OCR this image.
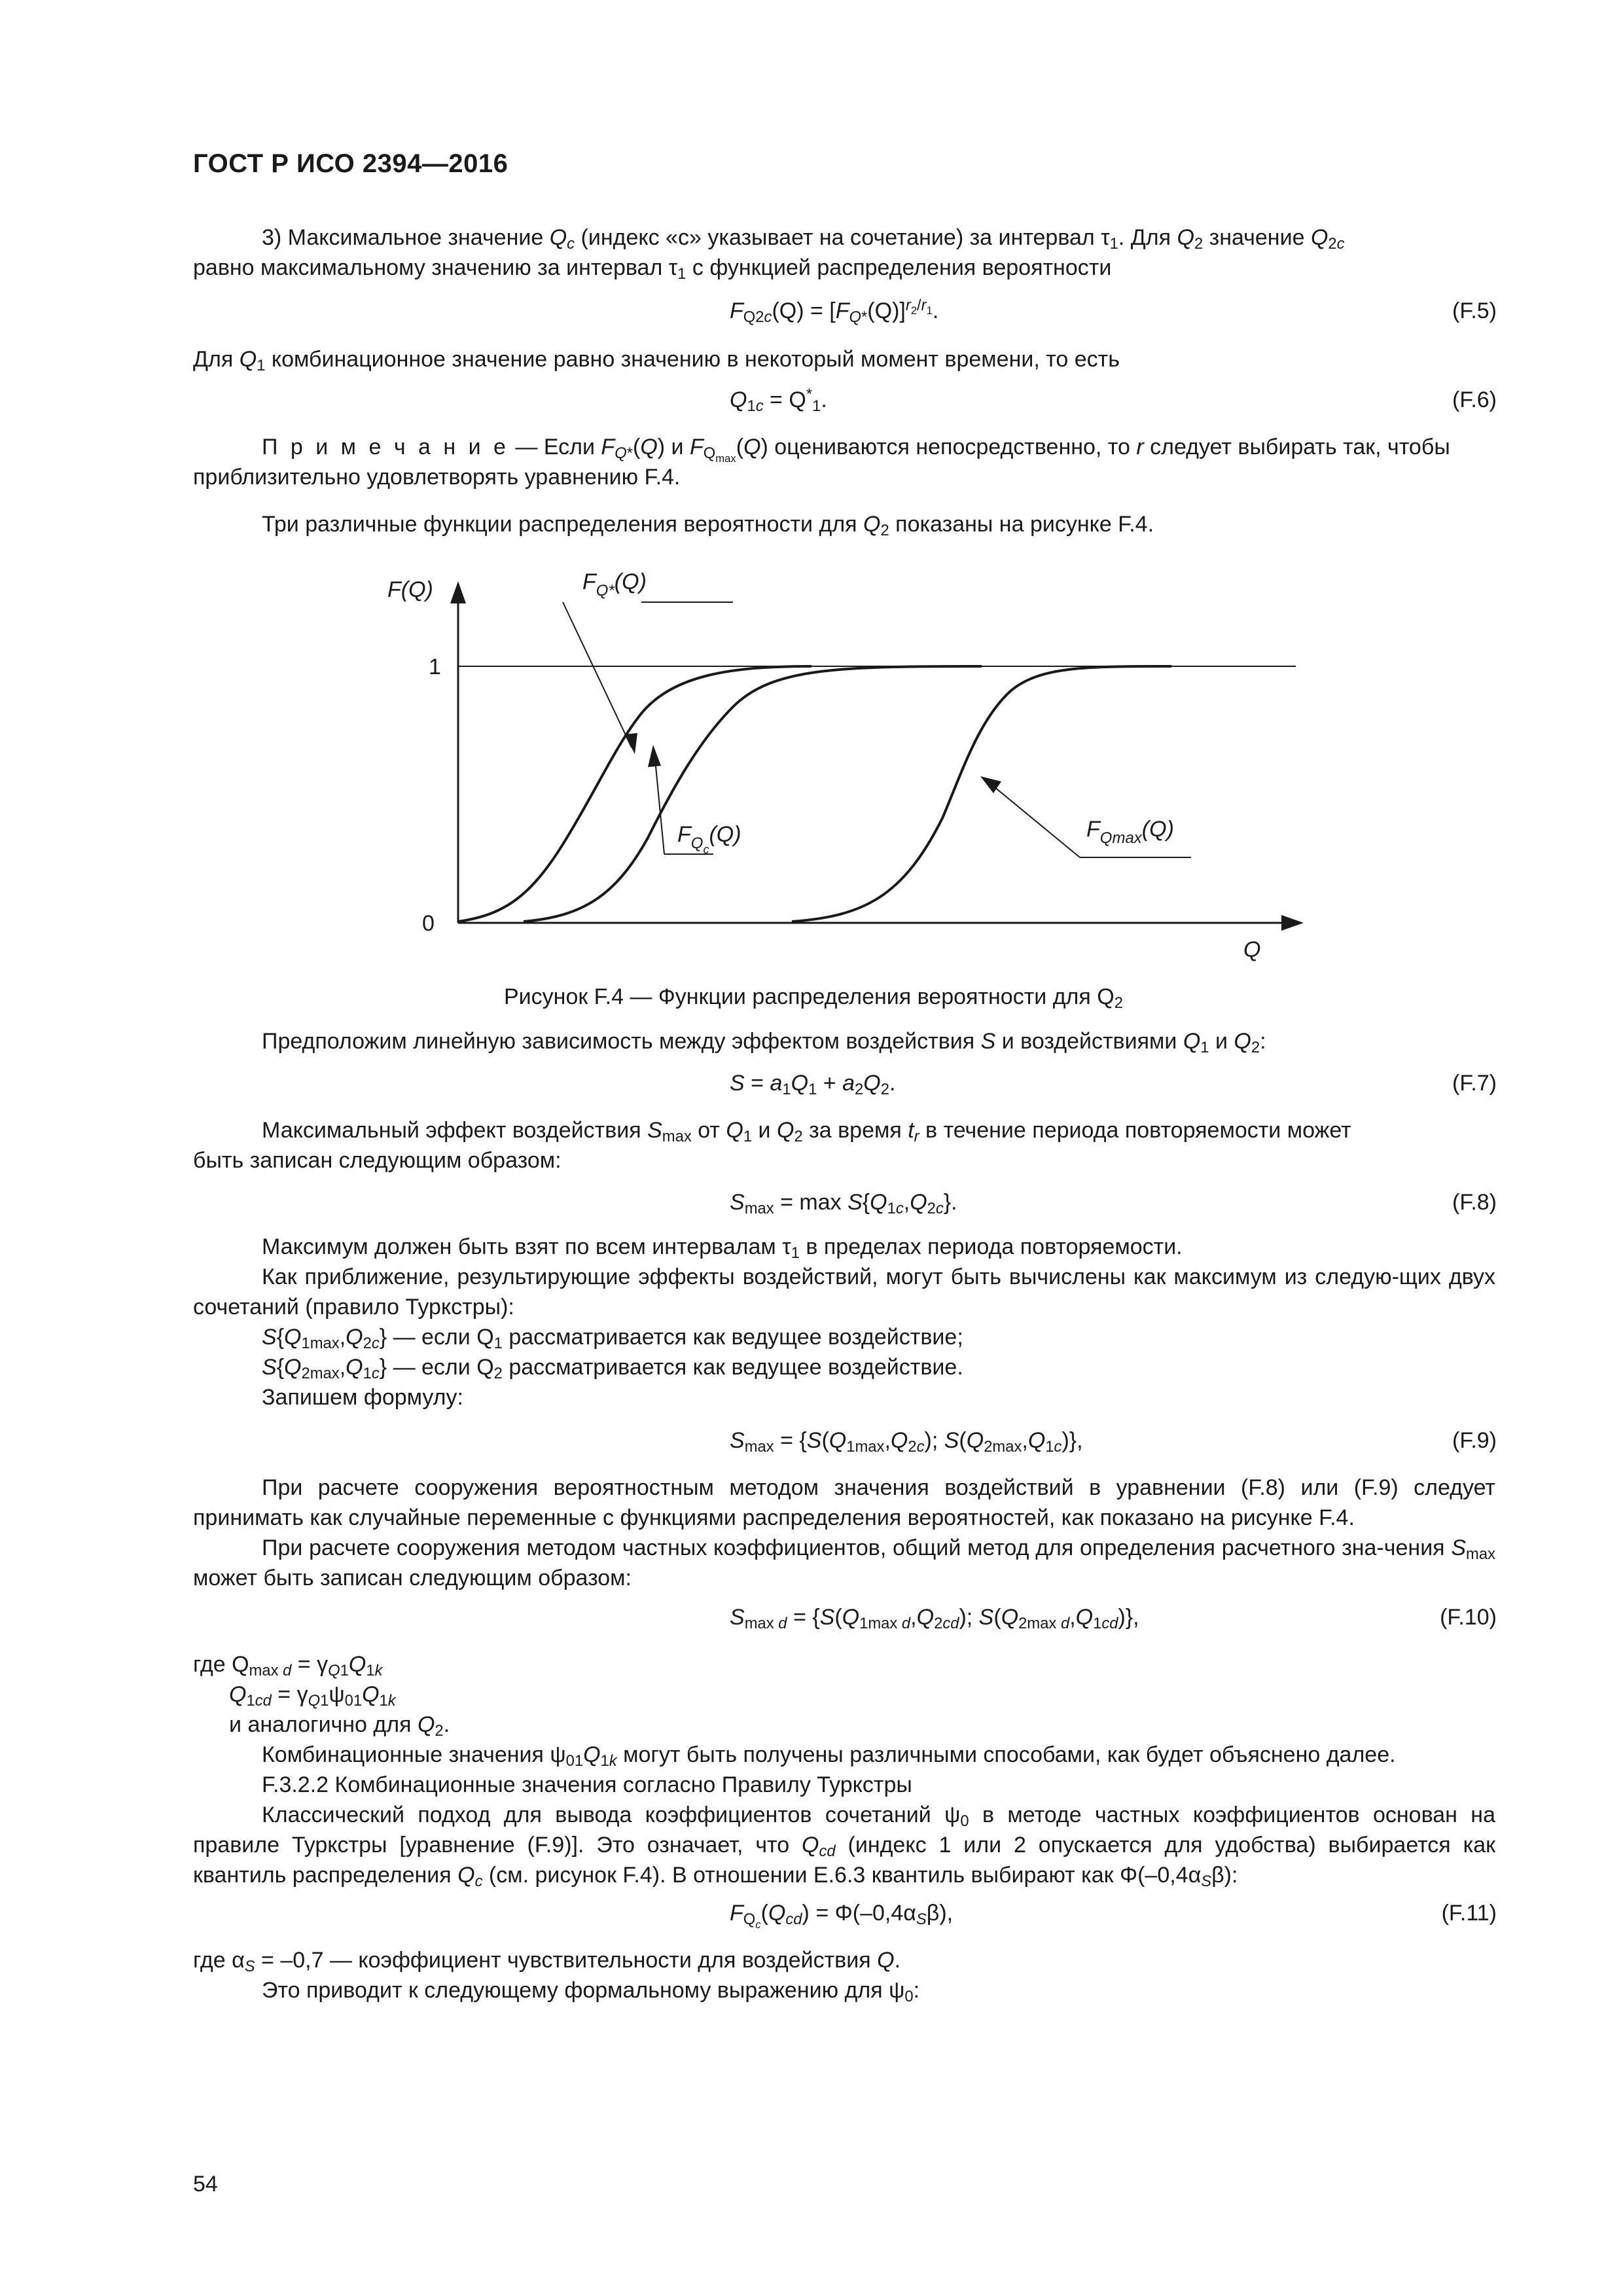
ГОСТ Р ИСО 2394—2016
3) Максимальное значение $Q_c$ (индекс «с» указывает на сочетание) за интервал $\tau_1$. Для $Q_2$ значение $Q_{2c}$
равно максимальному значению за интервал $\tau_1$ с функцией распределения вероятности
$F_{Q2c}(Q) = [F_{Q*}(Q)]^{r_2/r_1}$.	(F.5)
Для $Q_1$ комбинационное значение равно значению в некоторый момент времени, то есть
$Q_{1c} = Q^*_1$.	(F.6)
П р и м е ч а н и е — Если $F_{Q*}(Q)$ и $F_{Q_{max}}(Q)$ оцениваются непосредственно, то r следует выбирать так, чтобы
приблизительно удовлетворять уравнению F.4.
Три различные функции распределения вероятности для $Q_2$ показаны на рисунке F.4.
1
0
F(Q)
Q
$F_{Q*}(Q)$
$F_{Qc}(Q)$	$F_{Qmax}(Q)$
Рисунок F.4 — Функции распределения вероятности для $Q_2$
Предположим линейную зависимость между эффектом воздействия S и воздействиями $Q_1$ и $Q_2$:
$S = a_1Q_1 + a_2Q_2$.	(F.7)
Максимальный эффект воздействия $S_{max}$ от $Q_1$ и $Q_2$ за время $t_r$ в течение периода повторяемости может
быть записан следующим образом:
$S_{max} = \max S\{Q_{1c},Q_{2c}\}$.	(F.8)
Максимум должен быть взят по всем интервалам $\tau_1$ в пределах периода повторяемости.
Как приближение, результирующие эффекты воздействий, могут быть вычислены как максимум из следую-щих двух сочетаний (правило Туркстры):
$S\{Q_{1max},Q_{2c}\}$ — если $Q_1$ рассматривается как ведущее воздействие;
$S\{Q_{2max},Q_{1c}\}$ — если $Q_2$ рассматривается как ведущее воздействие.
Запишем формулу:
$S_{max} = \{S(Q_{1max},Q_{2c})$; $S(Q_{2max},Q_{1c})$},	(F.9)
При расчете сооружения вероятностным методом значения воздействий в уравнении (F.8) или (F.9) следует принимать как случайные переменные с функциями распределения вероятностей, как показано на рисунке F.4.
При расчете сооружения методом частных коэффициентов, общий метод для определения расчетного зна-чения $S_{max}$ может быть записан следующим образом:
$S_{max d} = \{S(Q_{1max d},Q_{2cd})$; $S(Q_{2max d},Q_{1cd})$},	(F.10)
где $Q_{max d} = \gamma_{Q1}Q_{1k}$
$Q_{1cd} = \gamma_{Q1}\psi_{01}Q_{1k}$
и аналогично для $Q_2$.
Комбинационные значения $\psi_{01}Q_{1k}$ могут быть получены различными способами, как будет объяснено далее.
F.3.2.2 Комбинационные значения согласно Правилу Туркстры
Классический подход для вывода коэффициентов сочетаний $\psi_0$ в методе частных коэффициентов основан на правиле Туркстры [уравнение (F.9)]. Это означает, что $Q_{cd}$ (индекс 1 или 2 опускается для удобства) выбирается как квантиль распределения $Q_c$ (см. рисунок F.4). В отношении E.6.3 квантиль выбирают как $\Phi(-0,4\alpha_S\beta)$:
$F_{Q_c}(Q_{cd}) = \Phi(-0,4\alpha_S\beta)$,	(F.11)
где $\alpha_S = -0,7$ — коэффициент чувствительности для воздействия Q.
Это приводит к следующему формальному выражению для $\psi_0$:
54
